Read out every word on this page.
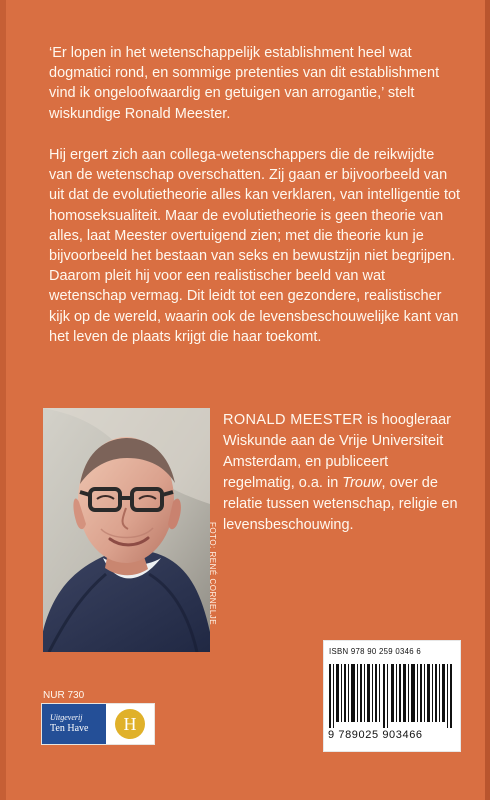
‘Er lopen in het wetenschappelijk establishment heel wat dogmatici rond, en sommige pretenties van dit establishment vind ik ongeloofwaardig en getuigen van arrogantie,’ stelt wiskundige Ronald Meester.

Hij ergert zich aan collega-wetenschappers die de reikwijdte van de wetenschap overschatten. Zij gaan er bijvoorbeeld van uit dat de evolutietheorie alles kan verklaren, van intelligentie tot homoseksualiteit. Maar de evolutietheorie is geen theorie van alles, laat Meester overtuigend zien; met die theorie kun je bijvoorbeeld het bestaan van seks en bewustzijn niet begrijpen.

Daarom pleit hij voor een realistischer beeld van wat wetenschap vermag. Dit leidt tot een gezondere, realistischer kijk op de wereld, waarin ook de levensbeschouwelijke kant van het leven de plaats krijgt die haar toekomt.

FOTO: RENÉ CORNELJE
RONALD MEESTER is hoogleraar Wiskunde aan de Vrije Universiteit Amsterdam, en publiceert regelmatig, o.a. in Trouw, over de relatie tussen wetenschap, religie en levensbeschouwing.
ISBN 978 90 259 0346 6
9 789025 903466
NUR 730
Uitgeverij
Ten Have	H
